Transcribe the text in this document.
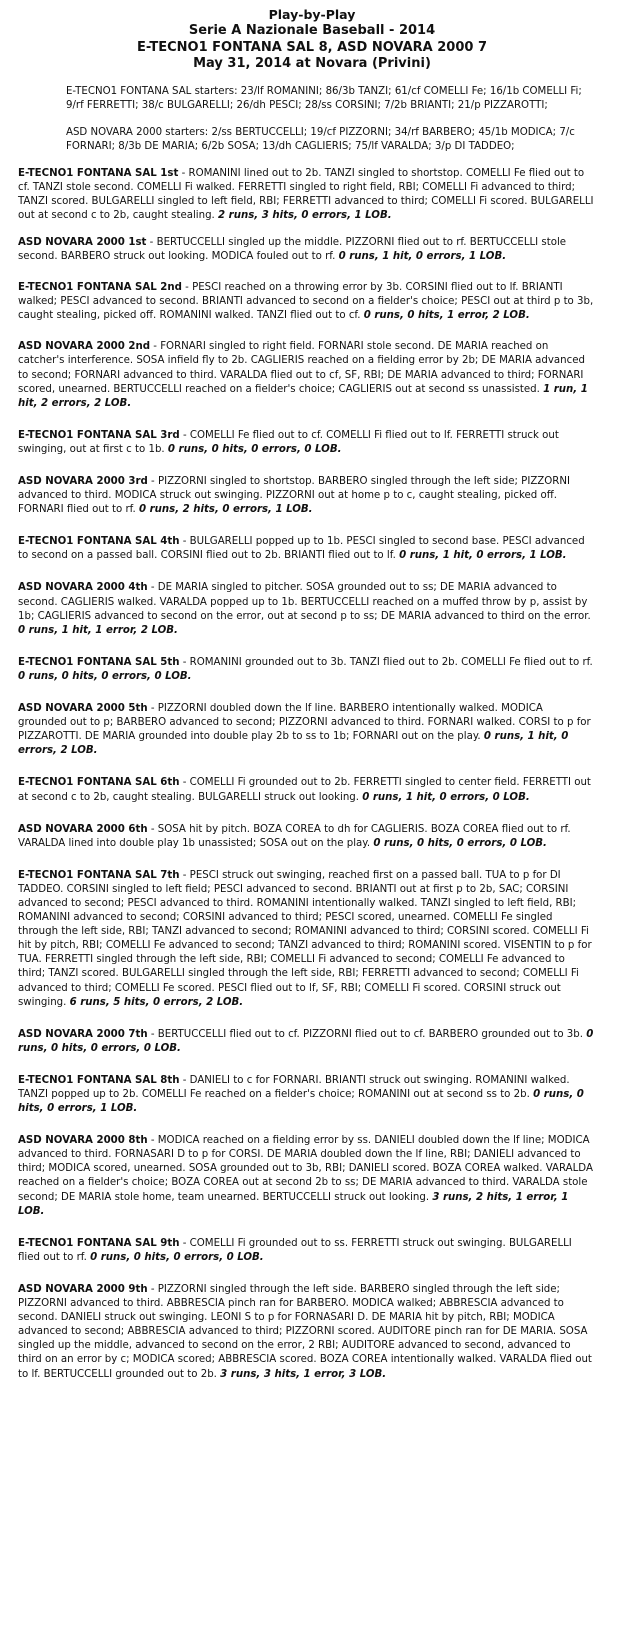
Play-by-Play
Serie A Nazionale Baseball - 2014
E-TECNO1 FONTANA SAL 8, ASD NOVARA 2000 7
May 31, 2014 at Novara (Privini)

E-TECNO1 FONTANA SAL starters: 23/lf ROMANINI; 86/3b TANZI; 61/cf COMELLI Fe; 16/1b COMELLI Fi; 9/rf FERRETTI; 38/c BULGARELLI; 26/dh PESCI; 28/ss CORSINI; 7/2b BRIANTI; 21/p PIZZAROTTI;

ASD NOVARA 2000 starters: 2/ss BERTUCCELLI; 19/cf PIZZORNI; 34/rf BARBERO; 45/1b MODICA; 7/c FORNARI; 8/3b DE MARIA; 6/2b SOSA; 13/dh CAGLIERIS; 75/lf VARALDA; 3/p DI TADDEO;

E-TECNO1 FONTANA SAL 1st - ROMANINI lined out to 2b. TANZI singled to shortstop. COMELLI Fe flied out to cf. TANZI stole second. COMELLI Fi walked. FERRETTI singled to right field, RBI; COMELLI Fi advanced to third; TANZI scored. BULGARELLI singled to left field, RBI; FERRETTI advanced to third; COMELLI Fi scored. BULGARELLI out at second c to 2b, caught stealing. 2 runs, 3 hits, 0 errors, 1 LOB.

ASD NOVARA 2000 1st - BERTUCCELLI singled up the middle. PIZZORNI flied out to rf. BERTUCCELLI stole second. BARBERO struck out looking. MODICA fouled out to rf. 0 runs, 1 hit, 0 errors, 1 LOB.

E-TECNO1 FONTANA SAL 2nd - PESCI reached on a throwing error by 3b. CORSINI flied out to lf. BRIANTI walked; PESCI advanced to second. BRIANTI advanced to second on a fielder's choice; PESCI out at third p to 3b, caught stealing, picked off. ROMANINI walked. TANZI flied out to cf. 0 runs, 0 hits, 1 error, 2 LOB.

ASD NOVARA 2000 2nd - FORNARI singled to right field. FORNARI stole second. DE MARIA reached on catcher's interference. SOSA infield fly to 2b. CAGLIERIS reached on a fielding error by 2b; DE MARIA advanced to second; FORNARI advanced to third. VARALDA flied out to cf, SF, RBI; DE MARIA advanced to third; FORNARI scored, unearned. BERTUCCELLI reached on a fielder's choice; CAGLIERIS out at second ss unassisted. 1 run, 1 hit, 2 errors, 2 LOB.

E-TECNO1 FONTANA SAL 3rd - COMELLI Fe flied out to cf. COMELLI Fi flied out to lf. FERRETTI struck out swinging, out at first c to 1b. 0 runs, 0 hits, 0 errors, 0 LOB.

ASD NOVARA 2000 3rd - PIZZORNI singled to shortstop. BARBERO singled through the left side; PIZZORNI advanced to third. MODICA struck out swinging. PIZZORNI out at home p to c, caught stealing, picked off. FORNARI flied out to rf. 0 runs, 2 hits, 0 errors, 1 LOB.

E-TECNO1 FONTANA SAL 4th - BULGARELLI popped up to 1b. PESCI singled to second base. PESCI advanced to second on a passed ball. CORSINI flied out to 2b. BRIANTI flied out to lf. 0 runs, 1 hit, 0 errors, 1 LOB.

ASD NOVARA 2000 4th - DE MARIA singled to pitcher. SOSA grounded out to ss; DE MARIA advanced to second. CAGLIERIS walked. VARALDA popped up to 1b. BERTUCCELLI reached on a muffed throw by p, assist by 1b; CAGLIERIS advanced to second on the error, out at second p to ss; DE MARIA advanced to third on the error. 0 runs, 1 hit, 1 error, 2 LOB.

E-TECNO1 FONTANA SAL 5th - ROMANINI grounded out to 3b. TANZI flied out to 2b. COMELLI Fe flied out to rf. 0 runs, 0 hits, 0 errors, 0 LOB.

ASD NOVARA 2000 5th - PIZZORNI doubled down the lf line. BARBERO intentionally walked. MODICA grounded out to p; BARBERO advanced to second; PIZZORNI advanced to third. FORNARI walked. CORSI to p for PIZZAROTTI. DE MARIA grounded into double play 2b to ss to 1b; FORNARI out on the play. 0 runs, 1 hit, 0 errors, 2 LOB.

E-TECNO1 FONTANA SAL 6th - COMELLI Fi grounded out to 2b. FERRETTI singled to center field. FERRETTI out at second c to 2b, caught stealing. BULGARELLI struck out looking. 0 runs, 1 hit, 0 errors, 0 LOB.

ASD NOVARA 2000 6th - SOSA hit by pitch. BOZA COREA to dh for CAGLIERIS. BOZA COREA flied out to rf. VARALDA lined into double play 1b unassisted; SOSA out on the play. 0 runs, 0 hits, 0 errors, 0 LOB.

E-TECNO1 FONTANA SAL 7th - PESCI struck out swinging, reached first on a passed ball. TUA to p for DI TADDEO. CORSINI singled to left field; PESCI advanced to second. BRIANTI out at first p to 2b, SAC; CORSINI advanced to second; PESCI advanced to third. ROMANINI intentionally walked. TANZI singled to left field, RBI; ROMANINI advanced to second; CORSINI advanced to third; PESCI scored, unearned. COMELLI Fe singled through the left side, RBI; TANZI advanced to second; ROMANINI advanced to third; CORSINI scored. COMELLI Fi hit by pitch, RBI; COMELLI Fe advanced to second; TANZI advanced to third; ROMANINI scored. VISENTIN to p for TUA. FERRETTI singled through the left side, RBI; COMELLI Fi advanced to second; COMELLI Fe advanced to third; TANZI scored. BULGARELLI singled through the left side, RBI; FERRETTI advanced to second; COMELLI Fi advanced to third; COMELLI Fe scored. PESCI flied out to lf, SF, RBI; COMELLI Fi scored. CORSINI struck out swinging. 6 runs, 5 hits, 0 errors, 2 LOB.

ASD NOVARA 2000 7th - BERTUCCELLI flied out to cf. PIZZORNI flied out to cf. BARBERO grounded out to 3b. 0 runs, 0 hits, 0 errors, 0 LOB.

E-TECNO1 FONTANA SAL 8th - DANIELI to c for FORNARI. BRIANTI struck out swinging. ROMANINI walked. TANZI popped up to 2b. COMELLI Fe reached on a fielder's choice; ROMANINI out at second ss to 2b. 0 runs, 0 hits, 0 errors, 1 LOB.

ASD NOVARA 2000 8th - MODICA reached on a fielding error by ss. DANIELI doubled down the lf line; MODICA advanced to third. FORNASARI D to p for CORSI. DE MARIA doubled down the lf line, RBI; DANIELI advanced to third; MODICA scored, unearned. SOSA grounded out to 3b, RBI; DANIELI scored. BOZA COREA walked. VARALDA reached on a fielder's choice; BOZA COREA out at second 2b to ss; DE MARIA advanced to third. VARALDA stole second; DE MARIA stole home, team unearned. BERTUCCELLI struck out looking. 3 runs, 2 hits, 1 error, 1 LOB.

E-TECNO1 FONTANA SAL 9th - COMELLI Fi grounded out to ss. FERRETTI struck out swinging. BULGARELLI flied out to rf. 0 runs, 0 hits, 0 errors, 0 LOB.

ASD NOVARA 2000 9th - PIZZORNI singled through the left side. BARBERO singled through the left side; PIZZORNI advanced to third. ABBRESCIA pinch ran for BARBERO. MODICA walked; ABBRESCIA advanced to second. DANIELI struck out swinging. LEONI S to p for FORNASARI D. DE MARIA hit by pitch, RBI; MODICA advanced to second; ABBRESCIA advanced to third; PIZZORNI scored. AUDITORE pinch ran for DE MARIA. SOSA singled up the middle, advanced to second on the error, 2 RBI; AUDITORE advanced to second, advanced to third on an error by c; MODICA scored; ABBRESCIA scored. BOZA COREA intentionally walked. VARALDA flied out to lf. BERTUCCELLI grounded out to 2b. 3 runs, 3 hits, 1 error, 3 LOB.
